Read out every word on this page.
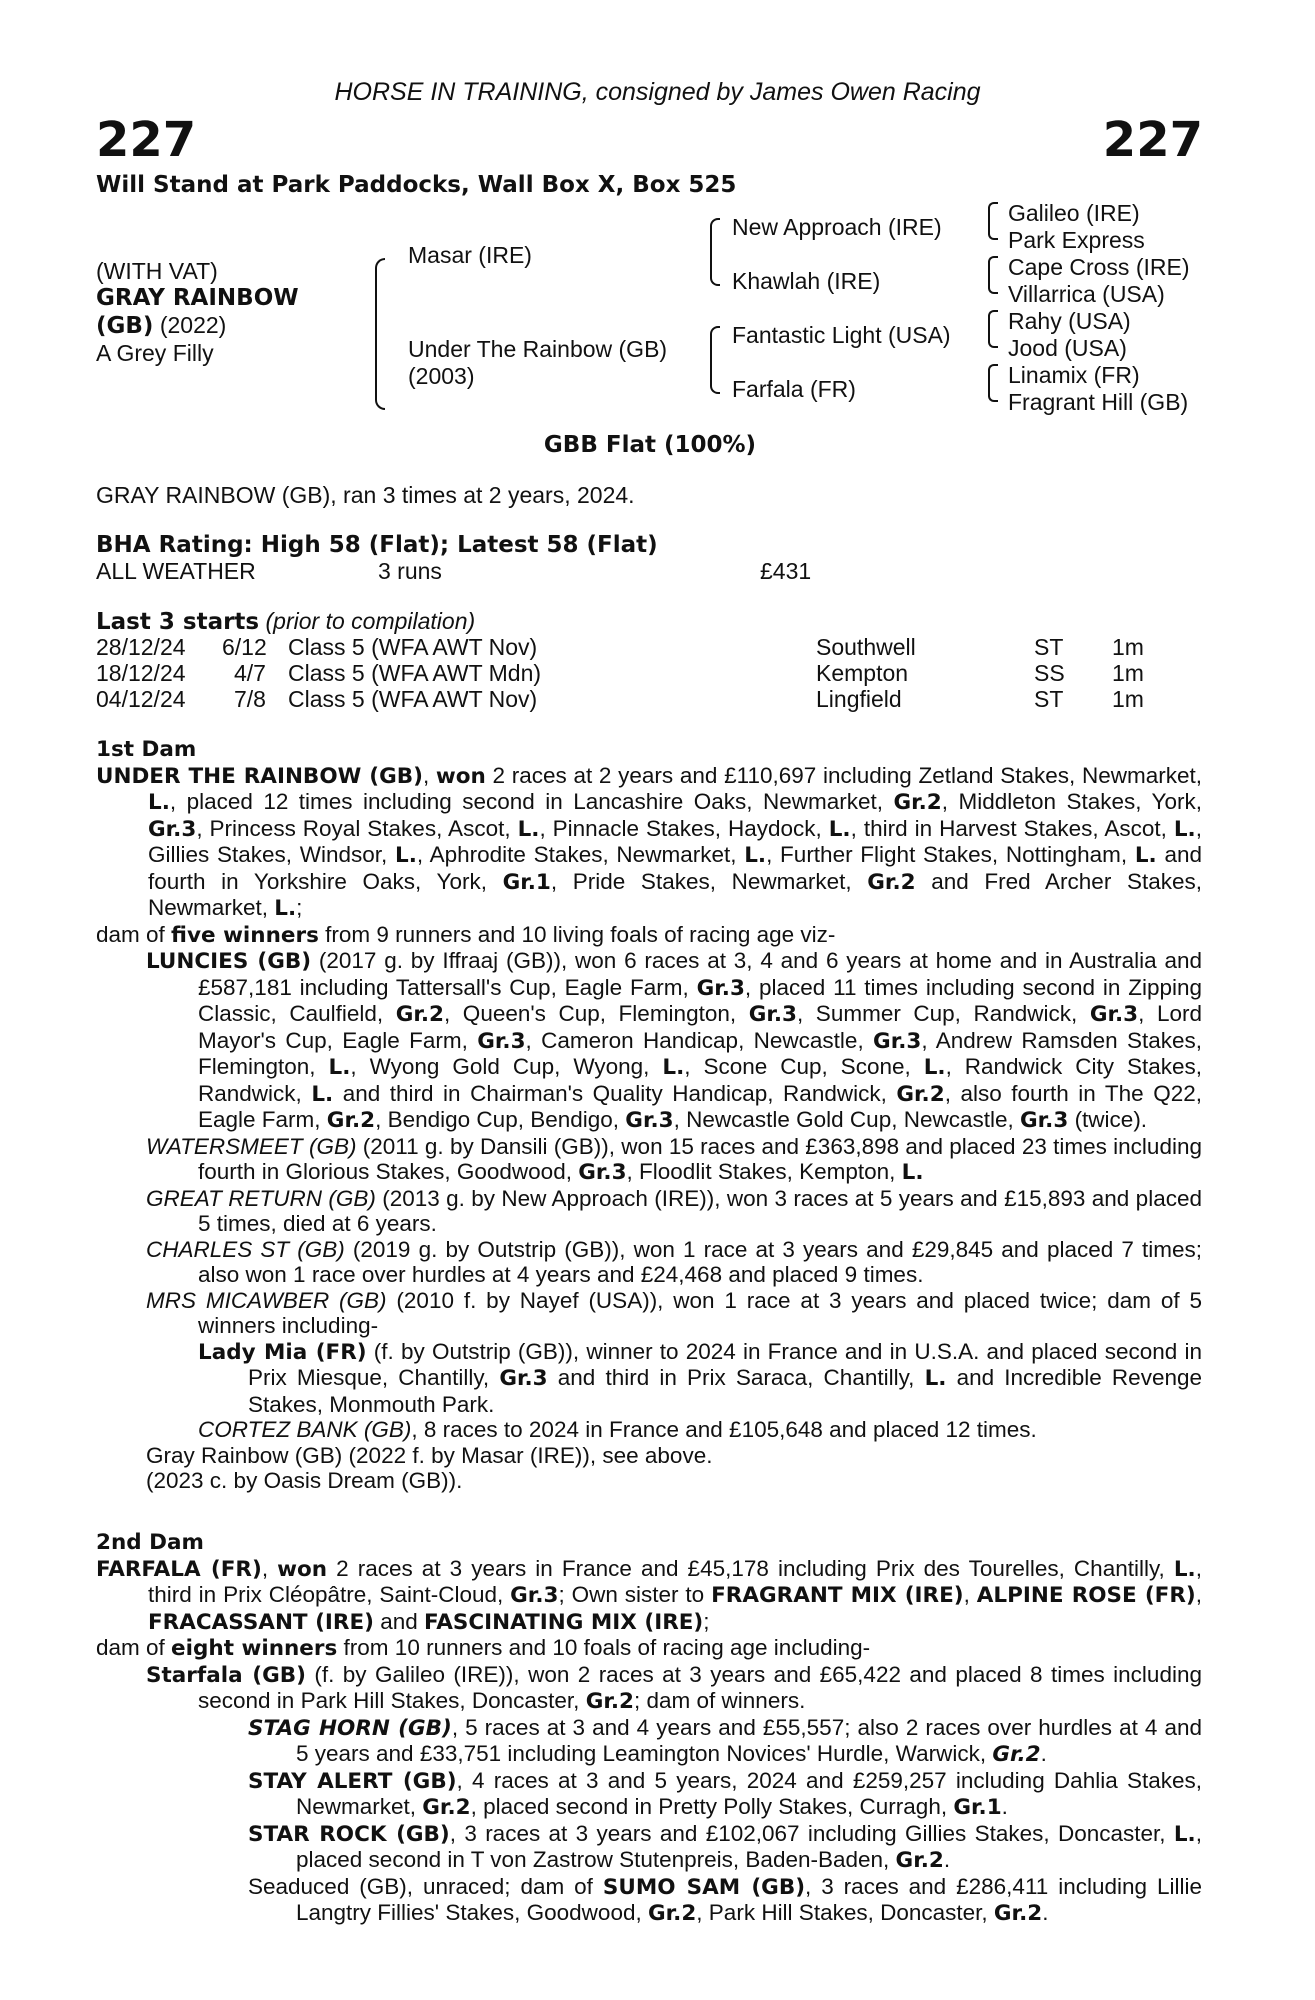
HORSE IN TRAINING, consigned by James Owen Racing
227	227
Will Stand at Park Paddocks, Wall Box X, Box 525
(WITH VAT)
GRAY RAINBOW
(GB) (2022)
A Grey Filly
Masar (IRE)
Under The Rainbow (GB)
(2003)
New Approach (IRE)
Khawlah (IRE)
Fantastic Light (USA)
Farfala (FR)
Galileo (IRE)
Park Express
Cape Cross (IRE)
Villarrica (USA)
Rahy (USA)
Jood (USA)
Linamix (FR)
Fragrant Hill (GB)
GBB Flat (100%)
GRAY RAINBOW (GB), ran 3 times at 2 years, 2024.
BHA Rating: High 58 (Flat); Latest 58 (Flat)
ALL WEATHER	3 runs	£431
Last 3 starts (prior to compilation)
28/12/24 6/12 Class 5 (WFA AWT Nov)	Southwell	ST 1m
18/12/24 4/7 Class 5 (WFA AWT Mdn)	Kempton	SS 1m
04/12/24 7/8 Class 5 (WFA AWT Nov)	Lingfield	ST 1m

1st Dam

UNDER THE RAINBOW (GB), won 2 races at 2 years and £110,697 including Zetland Stakes, Newmarket, L., placed 12 times including second in Lancashire Oaks, Newmarket, Gr.2, Middleton Stakes, York, Gr.3, Princess Royal Stakes, Ascot, L., Pinnacle Stakes, Haydock, L., third in Harvest Stakes, Ascot, L., Gillies Stakes, Windsor, L., Aphrodite Stakes, Newmarket, L., Further Flight Stakes, Nottingham, L. and fourth in Yorkshire Oaks, York, Gr.1, Pride Stakes, Newmarket, Gr.2 and Fred Archer Stakes, Newmarket, L.;

dam of five winners from 9 runners and 10 living foals of racing age viz-

LUNCIES (GB) (2017 g. by Iffraaj (GB)), won 6 races at 3, 4 and 6 years at home and in Australia and £587,181 including Tattersall's Cup, Eagle Farm, Gr.3, placed 11 times including second in Zipping Classic, Caulfield, Gr.2, Queen's Cup, Flemington, Gr.3, Summer Cup, Randwick, Gr.3, Lord Mayor's Cup, Eagle Farm, Gr.3, Cameron Handicap, Newcastle, Gr.3, Andrew Ramsden Stakes, Flemington, L., Wyong Gold Cup, Wyong, L., Scone Cup, Scone, L., Randwick City Stakes, Randwick, L. and third in Chairman's Quality Handicap, Randwick, Gr.2, also fourth in The Q22, Eagle Farm, Gr.2, Bendigo Cup, Bendigo, Gr.3, Newcastle Gold Cup, Newcastle, Gr.3 (twice).

WATERSMEET (GB) (2011 g. by Dansili (GB)), won 15 races and £363,898 and placed 23 times including fourth in Glorious Stakes, Goodwood, Gr.3, Floodlit Stakes, Kempton, L.

GREAT RETURN (GB) (2013 g. by New Approach (IRE)), won 3 races at 5 years and £15,893 and placed 5 times, died at 6 years.

CHARLES ST (GB) (2019 g. by Outstrip (GB)), won 1 race at 3 years and £29,845 and placed 7 times; also won 1 race over hurdles at 4 years and £24,468 and placed 9 times.

MRS MICAWBER (GB) (2010 f. by Nayef (USA)), won 1 race at 3 years and placed twice; dam of 5 winners including-

Lady Mia (FR) (f. by Outstrip (GB)), winner to 2024 in France and in U.S.A. and placed second in Prix Miesque, Chantilly, Gr.3 and third in Prix Saraca, Chantilly, L. and Incredible Revenge Stakes, Monmouth Park.

CORTEZ BANK (GB), 8 races to 2024 in France and £105,648 and placed 12 times.

Gray Rainbow (GB) (2022 f. by Masar (IRE)), see above.

(2023 c. by Oasis Dream (GB)).

2nd Dam

FARFALA (FR), won 2 races at 3 years in France and £45,178 including Prix des Tourelles, Chantilly, L., third in Prix Cléopâtre, Saint-Cloud, Gr.3; Own sister to FRAGRANT MIX (IRE), ALPINE ROSE (FR), FRACASSANT (IRE) and FASCINATING MIX (IRE);

dam of eight winners from 10 runners and 10 foals of racing age including-

Starfala (GB) (f. by Galileo (IRE)), won 2 races at 3 years and £65,422 and placed 8 times including second in Park Hill Stakes, Doncaster, Gr.2; dam of winners.

STAG HORN (GB), 5 races at 3 and 4 years and £55,557; also 2 races over hurdles at 4 and 5 years and £33,751 including Leamington Novices' Hurdle, Warwick, Gr.2.

STAY ALERT (GB), 4 races at 3 and 5 years, 2024 and £259,257 including Dahlia Stakes, Newmarket, Gr.2, placed second in Pretty Polly Stakes, Curragh, Gr.1.

STAR ROCK (GB), 3 races at 3 years and £102,067 including Gillies Stakes, Doncaster, L., placed second in T von Zastrow Stutenpreis, Baden-Baden, Gr.2.

Seaduced (GB), unraced; dam of SUMO SAM (GB), 3 races and £286,411 including Lillie Langtry Fillies' Stakes, Goodwood, Gr.2, Park Hill Stakes, Doncaster, Gr.2.
